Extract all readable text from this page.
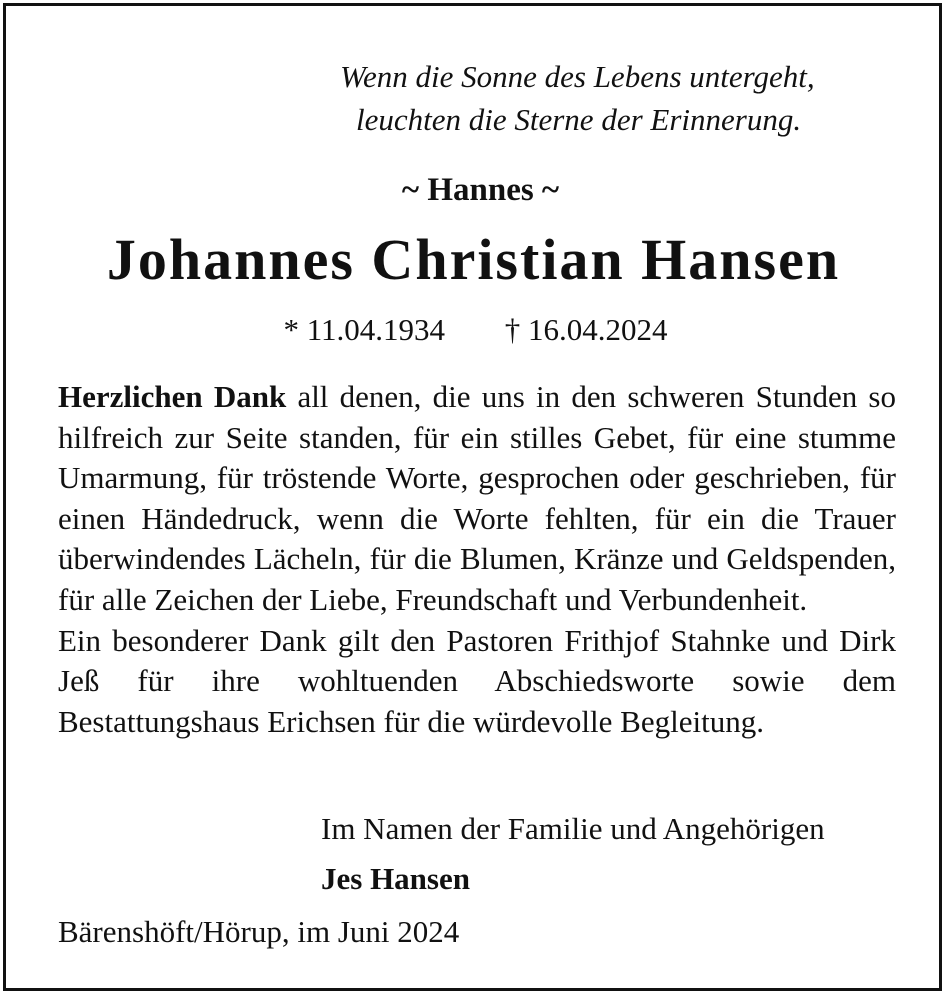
Wenn die Sonne des Lebens untergeht,
leuchten die Sterne der Erinnerung.
~ Hannes ~
Johannes Christian Hansen
* 11.04.1934 † 16.04.2024

Herzlichen Dank all denen, die uns in den schweren Stunden so hilfreich zur Seite standen, für ein stilles Gebet, für eine stumme Umarmung, für tröstende Worte, gesprochen oder geschrieben, für einen Händedruck, wenn die Worte fehlten, für ein die Trauer überwindendes Lächeln, für die Blumen, Kränze und Geldspenden, für alle Zeichen der Liebe, Freundschaft und Verbundenheit.

Ein besonderer Dank gilt den Pastoren Frithjof Stahnke und Dirk Jeß für ihre wohltuenden Abschiedsworte sowie dem Bestattungshaus Erichsen für die würdevolle Begleitung.

Im Namen der Familie und Angehörigen
Jes Hansen
Bärenshöft/Hörup, im Juni 2024
